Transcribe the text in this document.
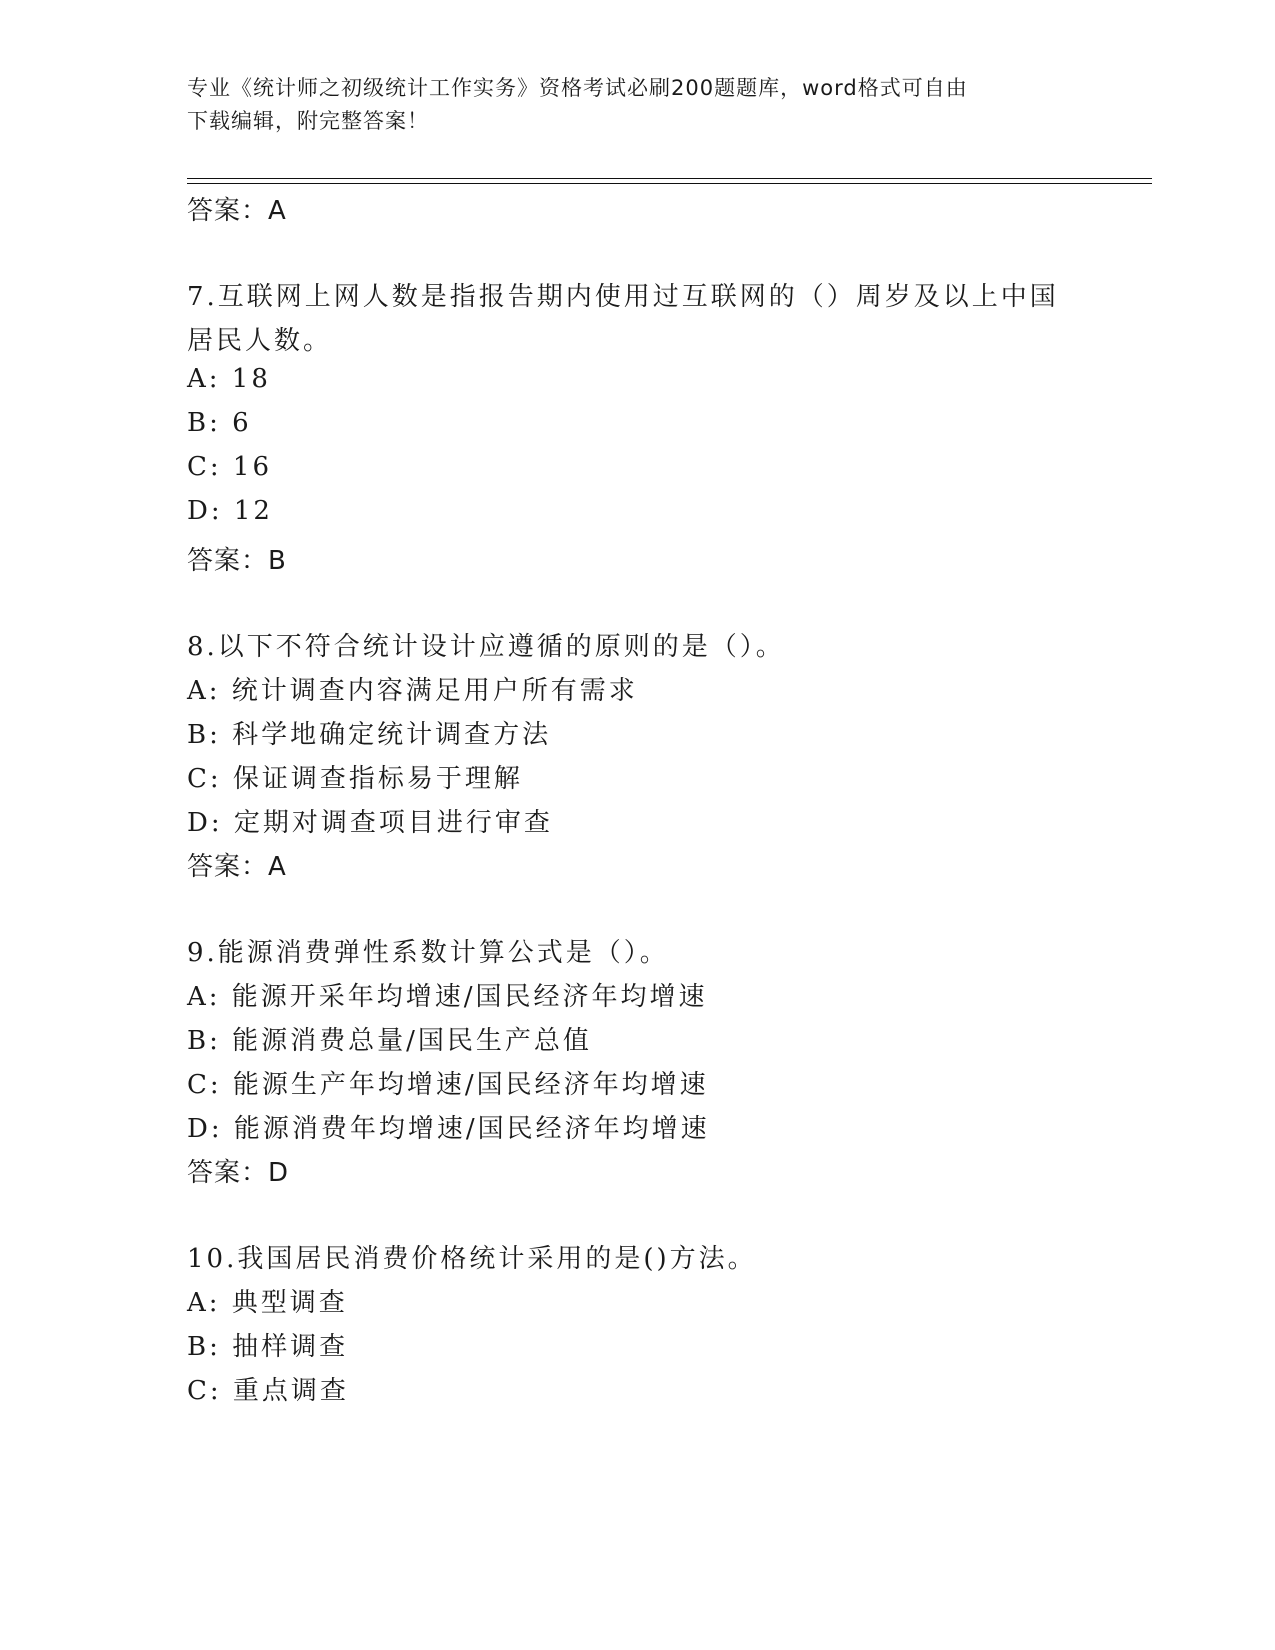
专业《统计师之初级统计工作实务》资格考试必刷200题题库，word格式可自由
下载编辑，附完整答案！
答案：A
7.互联网上网人数是指报告期内使用过互联网的（）周岁及以上中国
居民人数。
A: 18
B: 6
C: 16
D: 12
答案：B
8.以下不符合统计设计应遵循的原则的是（）。
A: 统计调查内容满足用户所有需求
B: 科学地确定统计调查方法
C: 保证调查指标易于理解
D: 定期对调查项目进行审查
答案：A
9.能源消费弹性系数计算公式是（）。
A: 能源开采年均增速/国民经济年均增速
B: 能源消费总量/国民生产总值
C: 能源生产年均增速/国民经济年均增速
D: 能源消费年均增速/国民经济年均增速
答案：D
10.我国居民消费价格统计采用的是()方法。
A: 典型调查
B: 抽样调查
C: 重点调查
